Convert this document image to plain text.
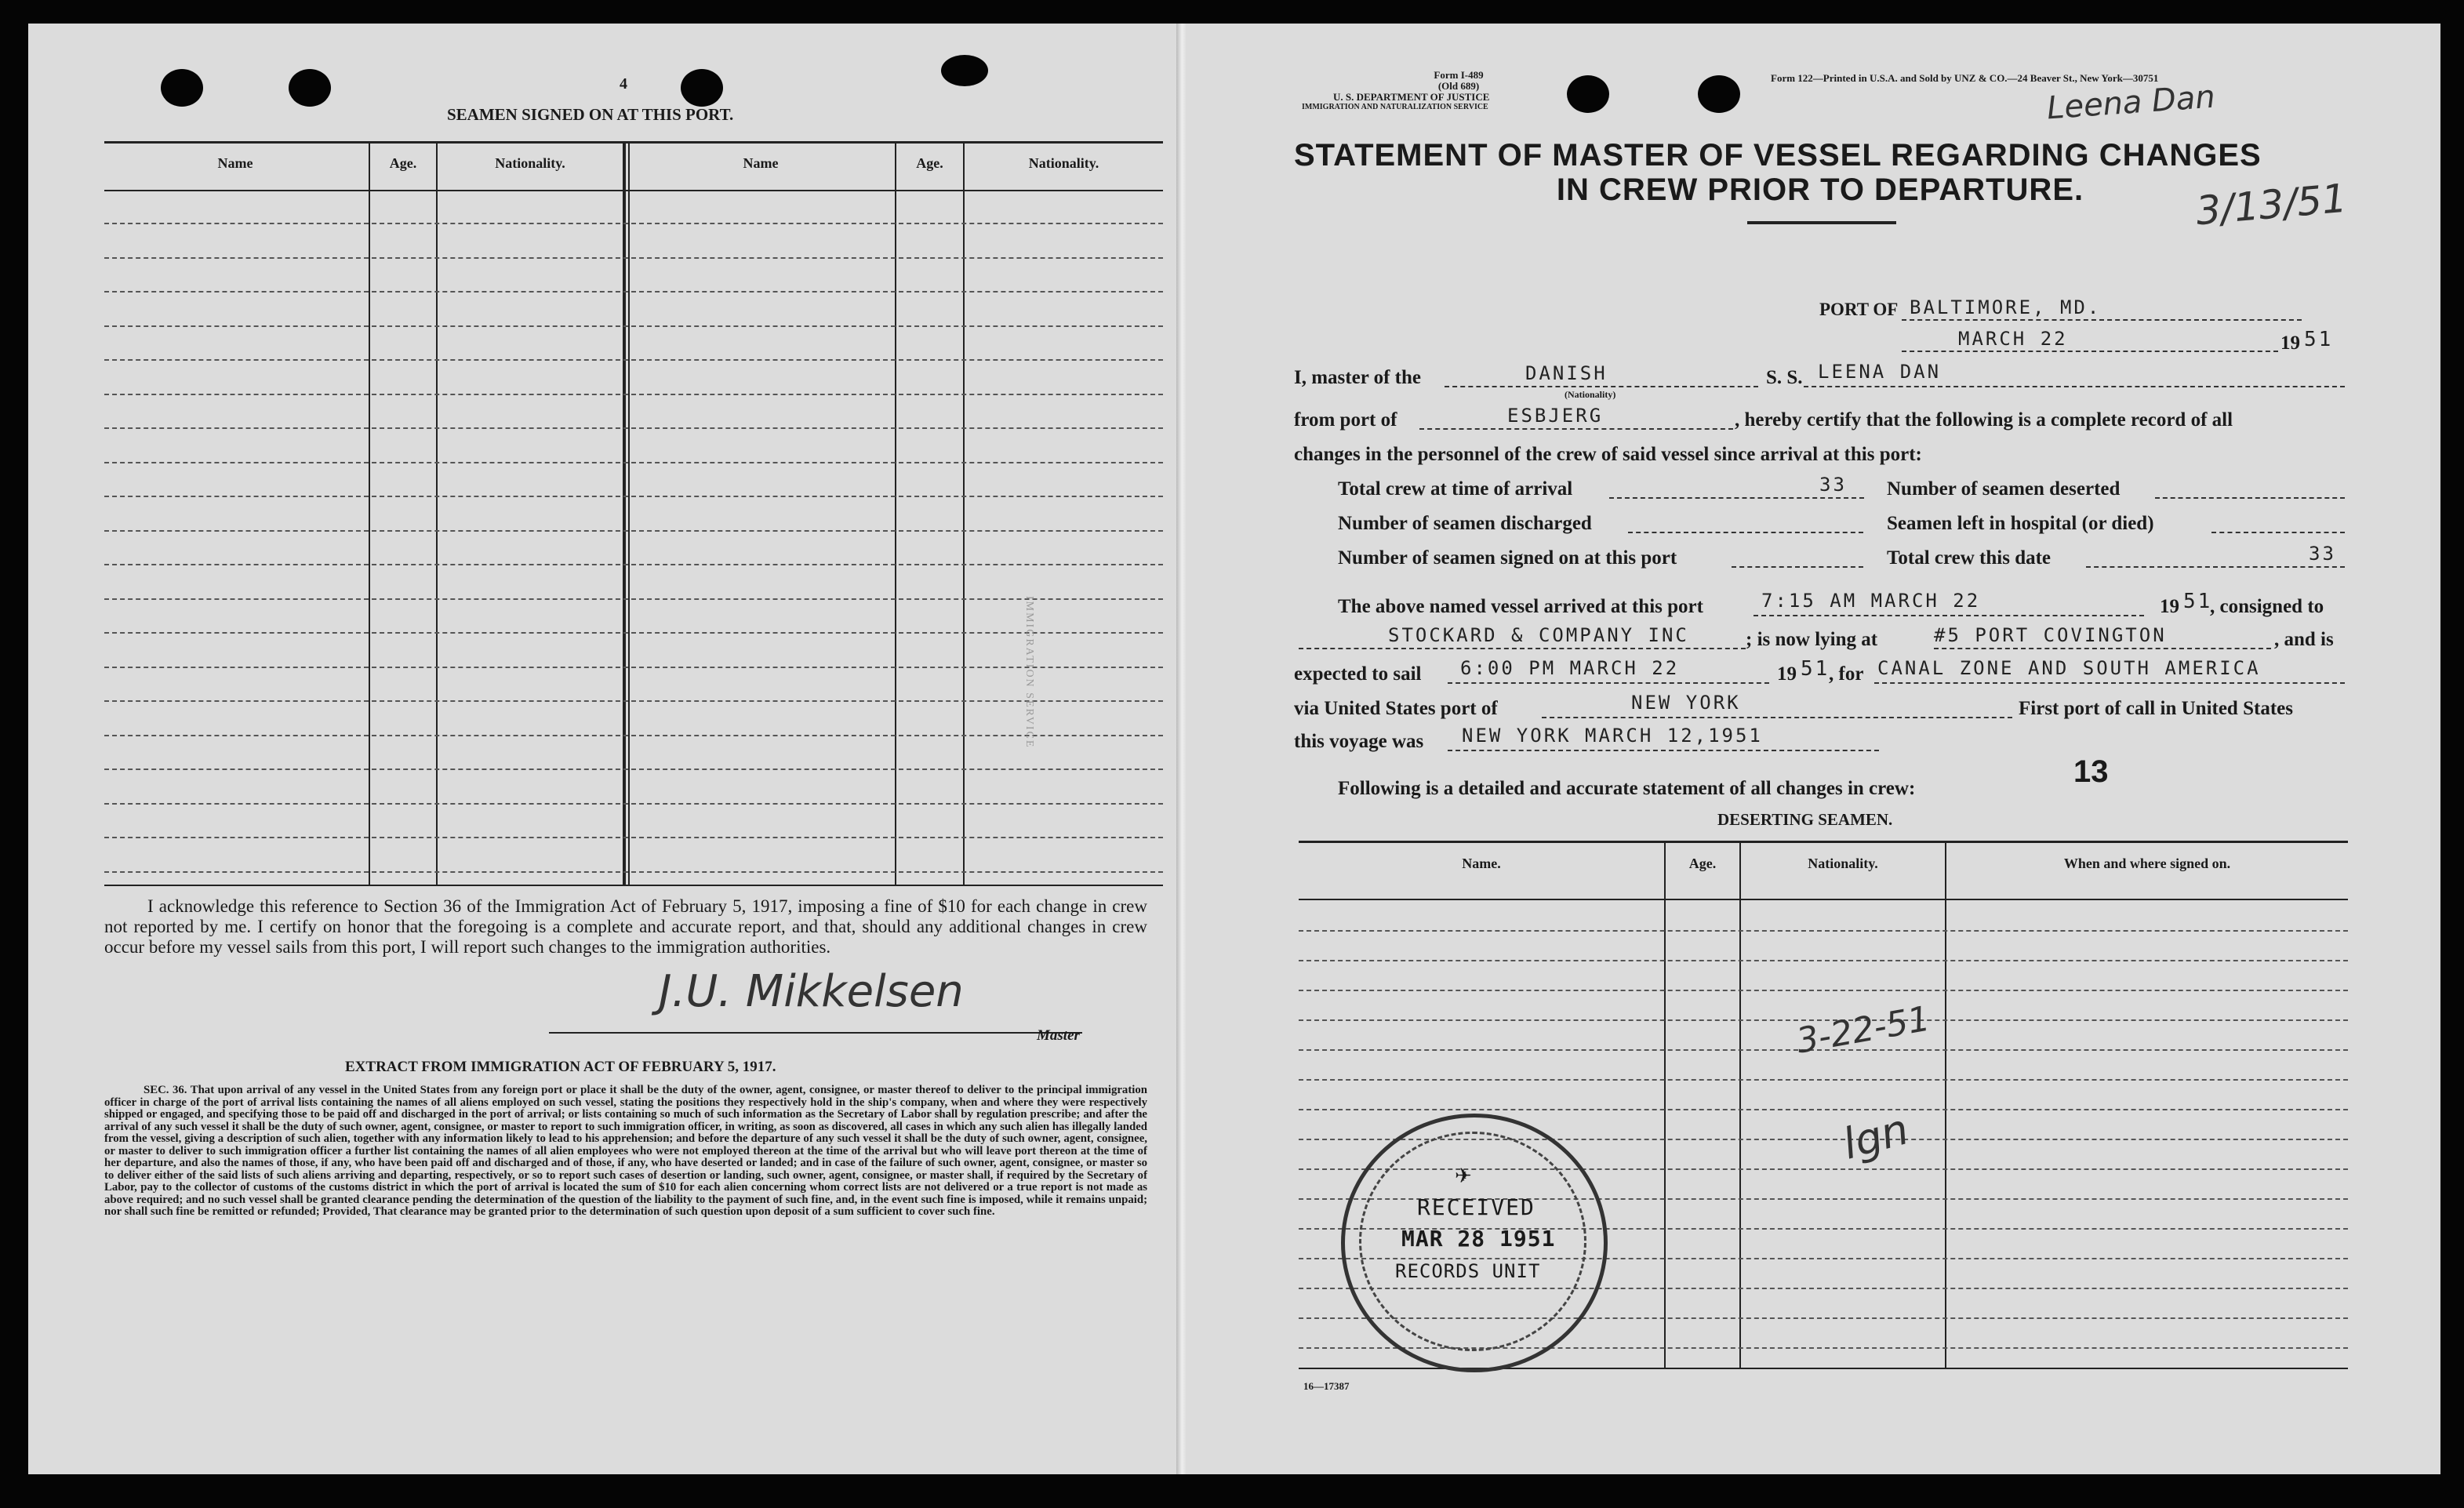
4
SEAMEN SIGNED ON AT THIS PORT.
Name	Age.	Nationality.	Name	Age.	Nationality.
IMMIGRATION SERVICE
I acknowledge this reference to Section 36 of the Immigration Act of February 5, 1917, imposing a fine of $10 for each change in crew not reported by me. I certify on honor that the foregoing is a complete and accurate report, and that, should any additional changes in crew occur before my vessel sails from this port, I will report such changes to the immigration authorities.
J.U. Mikkelsen
Master
EXTRACT FROM IMMIGRATION ACT OF FEBRUARY 5, 1917.
SEC. 36. That upon arrival of any vessel in the United States from any foreign port or place it shall be the duty of the owner, agent, consignee, or master thereof to deliver to the principal immigration officer in charge of the port of arrival lists containing the names of all aliens employed on such vessel, stating the positions they respectively hold in the ship's company, when and where they were respectively shipped or engaged, and specifying those to be paid off and discharged in the port of arrival; or lists containing so much of such information as the Secretary of Labor shall by regulation prescribe; and after the arrival of any such vessel it shall be the duty of such owner, agent, consignee, or master to report to such immigration officer, in writing, as soon as discovered, all cases in which any such alien has illegally landed from the vessel, giving a description of such alien, together with any information likely to lead to his apprehension; and before the departure of any such vessel it shall be the duty of such owner, agent, consignee, or master to deliver to such immigration officer a further list containing the names of all alien employees who were not employed thereon at the time of the arrival but who will leave port thereon at the time of her departure, and also the names of those, if any, who have been paid off and discharged and of those, if any, who have deserted or landed; and in case of the failure of such owner, agent, consignee, or master so to deliver either of the said lists of such aliens arriving and departing, respectively, or so to report such cases of desertion or landing, such owner, agent, consignee, or master shall, if required by the Secretary of Labor, pay to the collector of customs of the customs district in which the port of arrival is located the sum of $10 for each alien concerning whom correct lists are not delivered or a true report is not made as above required; and no such vessel shall be granted clearance pending the determination of the question of the liability to the payment of such fine, and, in the event such fine is imposed, while it remains unpaid; nor shall such fine be remitted or refunded; Provided, That clearance may be granted prior to the determination of such question upon deposit of a sum sufficient to cover such fine.
Form I-489
(Old 689)
U. S. DEPARTMENT OF JUSTICE
IMMIGRATION AND NATURALIZATION SERVICE
Form 122—Printed in U.S.A. and Sold by UNZ & CO.—24 Beaver St., New York—30751
Leena Dan
3/13/51
STATEMENT OF MASTER OF VESSEL REGARDING CHANGES
IN CREW PRIOR TO DEPARTURE.
PORT OF BALTIMORE, MD.
MARCH 22	19 51
I, master of the	DANISH
(Nationality)
S. S. LEENA DAN
from port of	ESBJERG	, hereby certify that the following is a complete record of all
changes in the personnel of the crew of said vessel since arrival at this port:
Total crew at time of arrival	33 Number of seamen deserted
Number of seamen discharged	Seamen left in hospital (or died)
Number of seamen signed on at this port	Total crew this date	33
The above named vessel arrived at this port	7:15 AM MARCH 22	19 51
, consigned to
STOCKARD & COMPANY INC	; is now lying at	#5 PORT COVINGTON	, and is
expected to sail 6:00 PM MARCH 22	19 51
, for CANAL ZONE AND SOUTH AMERICA
via United States port of	NEW YORK	First port of call in United States
this voyage was NEW YORK MARCH 12,1951
Following is a detailed and accurate statement of all changes in crew:	13
DESERTING SEAMEN.
Name.	Age.	Nationality.	When and where signed on.
3-22-51
lgn
✈
RECEIVED
MAR 28 1951
RECORDS UNIT
16—17387
